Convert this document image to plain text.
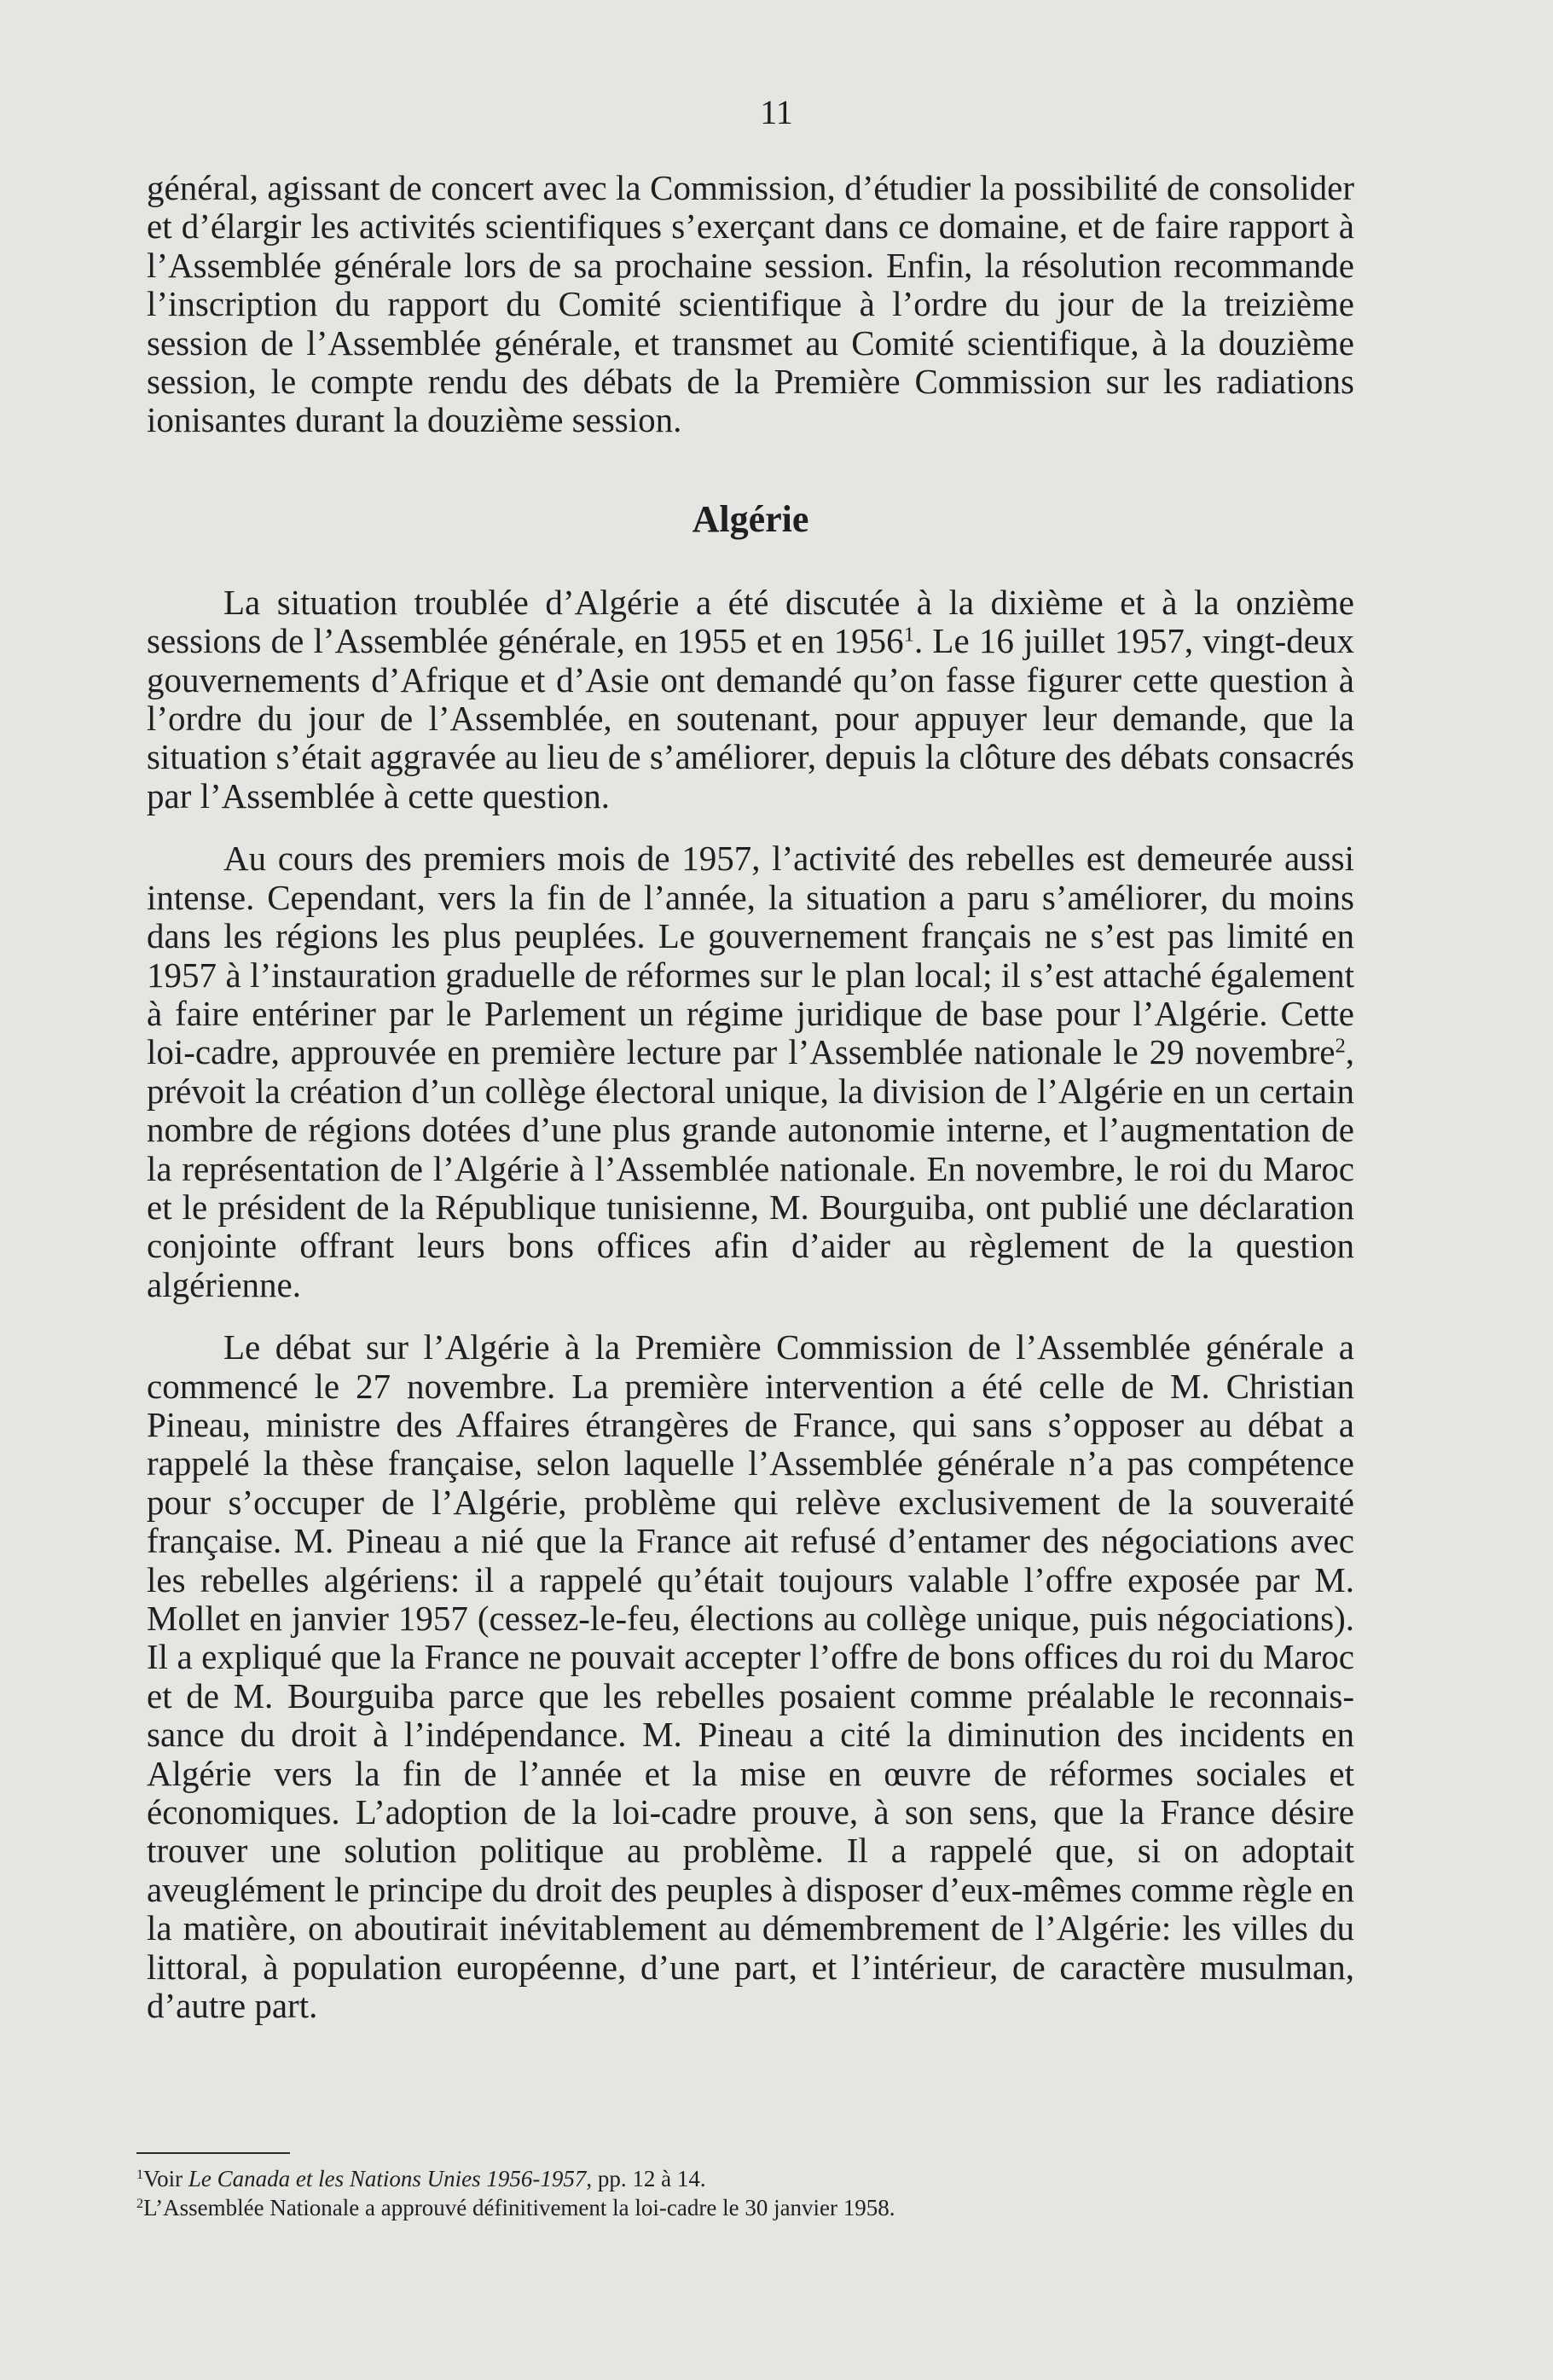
11

général, agissant de concert avec la Commission, d’étudier la possibilité de consolider et d’élargir les activités scientifiques s’exerçant dans ce domaine, et de faire rapport à l’Assemblée générale lors de sa prochaine session. Enfin, la résolution recommande l’inscription du rapport du Comité scientifique à l’ordre du jour de la treizième session de l’Assemblée générale, et transmet au Comité scientifique, à la douzième session, le compte rendu des débats de la Première Commission sur les radiations ionisantes durant la douzième session.

Algérie

La situation troublée d’Algérie a été discutée à la dixième et à la onzième sessions de l’Assemblée générale, en 1955 et en 1956$^1$. Le 16 juillet 1957, vingt-deux gouvernements d’Afrique et d’Asie ont demandé qu’on fasse figurer cette question à l’ordre du jour de l’Assemblée, en soutenant, pour appuyer leur demande, que la situation s’était aggravée au lieu de s’améliorer, depuis la clôture des débats consacrés par l’Assemblée à cette question.

Au cours des premiers mois de 1957, l’activité des rebelles est demeurée aussi intense. Cependant, vers la fin de l’année, la situation a paru s’améliorer, du moins dans les régions les plus peuplées. Le gouvernement français ne s’est pas limité en 1957 à l’instauration graduelle de réformes sur le plan local; il s’est attaché également à faire entériner par le Parlement un régime juridique de base pour l’Algérie. Cette loi-cadre, approuvée en première lecture par l’Assemblée nationale le 29 novembre$^2$, prévoit la création d’un collège électoral unique, la division de l’Algérie en un certain nombre de régions dotées d’une plus grande autonomie interne, et l’augmentation de la représentation de l’Algérie à l’Assemblée nationale. En novembre, le roi du Maroc et le président de la République tunisienne, M. Bourguiba, ont publié une déclaration conjointe offrant leurs bons offices afin d’aider au règlement de la question algérienne.

Le débat sur l’Algérie à la Première Commission de l’Assemblée générale a commencé le 27 novembre. La première intervention a été celle de M. Christian Pineau, ministre des Affaires étrangères de France, qui sans s’opposer au débat a rappelé la thèse française, selon laquelle l’Assemblée générale n’a pas compétence pour s’occuper de l’Algérie, problème qui relève exclusivement de la souveraité française. M. Pineau a nié que la France ait refusé d’entamer des négociations avec les rebelles algériens: il a rappelé qu’était toujours valable l’offre exposée par M. Mollet en janvier 1957 (cessez-le-feu, élections au collège unique, puis négociations). Il a expliqué que la France ne pouvait accepter l’offre de bons offices du roi du Maroc et de M. Bourguiba parce que les rebelles posaient comme préalable le reconnaissance du droit à l’indépendance. M. Pineau a cité la diminution des incidents en Algérie vers la fin de l’année et la mise en œuvre de réformes sociales et économiques. L’adoption de la loi-cadre prouve, à son sens, que la France désire trouver une solution politique au problème. Il a rappelé que, si on adoptait aveuglément le principe du droit des peuples à disposer d’eux-mêmes comme règle en la matière, on aboutirait inévitablement au démembrement de l’Algérie: les villes du littoral, à population européenne, d’une part, et l’intérieur, de caractère musulman, d’autre part.

$^1$Voir Le Canada et les Nations Unies 1956-1957, pp. 12 à 14.
$^2$L’Assemblée Nationale a approuvé définitivement la loi-cadre le 30 janvier 1958.
